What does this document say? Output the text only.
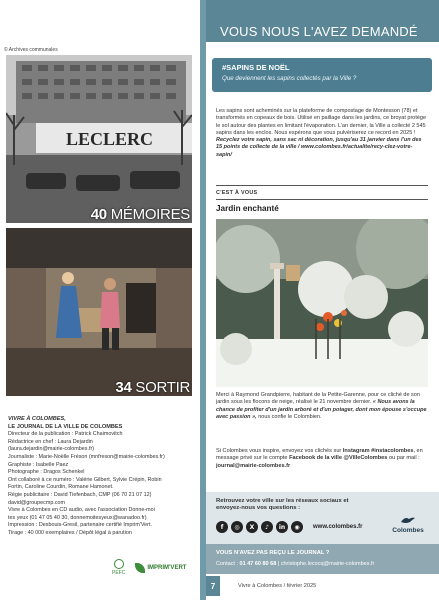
© Archives communales
LECLERC
40 MÉMOIRES
34 SORTIR
VIVRE À COLOMBES,
LE JOURNAL DE LA VILLE DE COLOMBES
Directeur de la publication : Patrick Chaimovitch
Rédactrice en chef : Laura Dejardin
(laura.dejardin@mairie-colombes.fr)
Journaliste : Marie-Noëlle Fréson (mnfreson@mairie-colombes.fr)
Graphiste : Isabelle Paez
Photographe : Dragos Schenkel
Ont collaboré à ce numéro : Valérie Gilbert, Sylvie Crépin, Robin
Fortin, Caroline Courdin, Romane Hamonet.
Régie publicitaire : David Tiefenbach, CMP (06 70 21 07 12)
david@groupecmp.com
Vivre à Colombes en CD audio, avec l'association Donne-moi
tes yeux (01 47 05 40 30, donnemoitesyeux@wanadoo.fr)
Impression : Desbouis-Gresil, partenaire certifié Imprim'Vert.
Tirage : 40 000 exemplaires / Dépôt légal à parution
PEFC
IMPRIM'VERT
VOUS NOUS L'AVEZ DEMANDÉ
#SAPINS DE NOËL
Que deviennent les sapins collectés par la Ville ?
Les sapins sont acheminés sur la plateforme de compostage de Montesson (78) et transformés en copeaux de bois. Utilisé en paillage dans les jardins, ce broyat protège le sol autour des plantes en limitant l'évaporation. L'an dernier, la Ville a collecté 2 545 sapins dans les enclos. Nous espérons que vous pulvériserez ce record en 2025 !
Recyclez votre sapin, sans sac ni décoration, jusqu'au 31 janvier dans l'un des 15 points de collecte de la ville / www.colombes.fr/actualite/recy-clez-votre-sapin/
C'EST À VOUS
Jardin enchanté
Merci à Raymond Grandpierre, habitant de la Petite-Garenne, pour ce cliché de son jardin sous les flocons de neige, réalisé le 21 novembre dernier. « Nous avons la chance de profiter d'un jardin arboré et d'un potager, dont mon épouse s'occupe avec passion », nous confie le Colombien.
Si Colombes vous inspire, envoyez vos clichés sur Instagram #instacolombes, en message privé sur le compte Facebook de la ville @VilleColombes ou par mail : journal@mairie-colombes.fr
Retrouvez votre ville sur les réseaux sociaux et envoyez-nous vos questions :
f	◎	X	♪	in	◉	www.colombes.fr	Colombes
VOUS N'AVEZ PAS REÇU LE JOURNAL ?
Contact : 01 47 60 80 68 | christophe.lecocq@mairie-colombes.fr
7	Vivre à Colombes / février 2025
